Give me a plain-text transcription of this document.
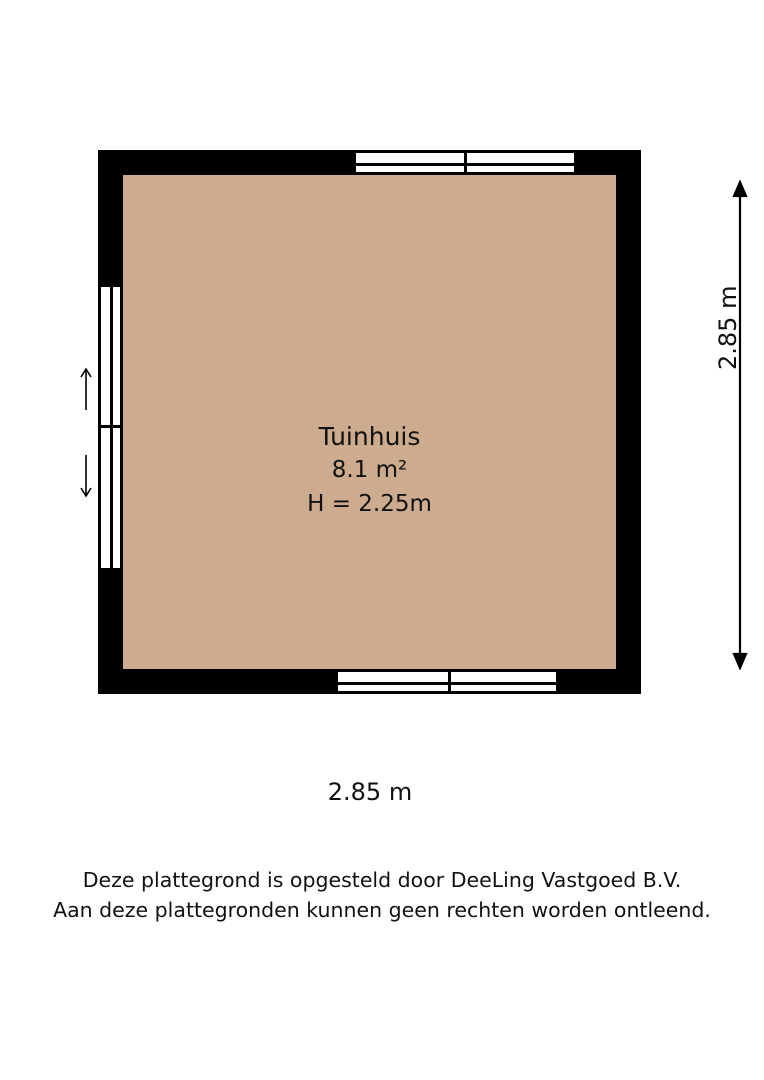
Tuinhuis
8.1 m²
H = 2.25m
2.85 m
2.85 m
Deze plattegrond is opgesteld door DeeLing Vastgoed B.V.
Aan deze plattegronden kunnen geen rechten worden ontleend.
